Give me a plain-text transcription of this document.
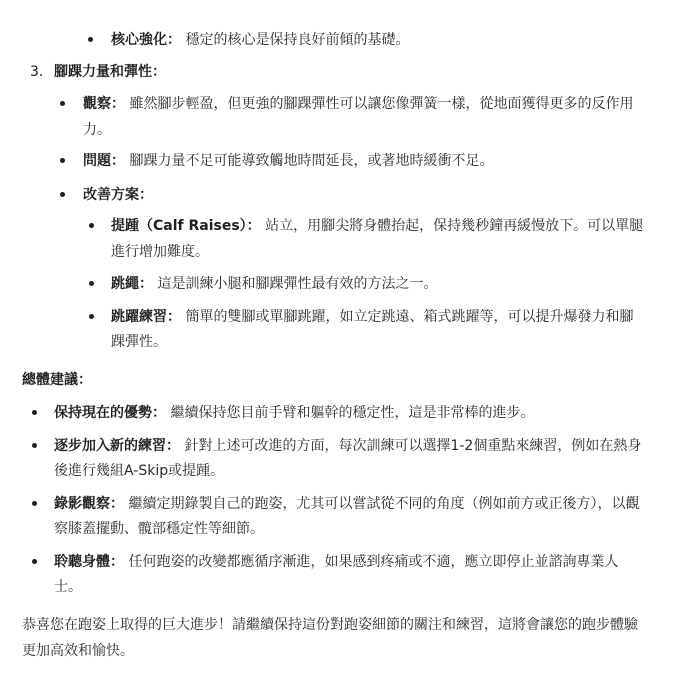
核心強化： 穩定的核心是保持良好前傾的基礎。
3. 腳踝力量和彈性：
觀察： 雖然腳步輕盈，但更強的腳踝彈性可以讓您像彈簧一樣，從地面獲得更多的反作用
力。
問題： 腳踝力量不足可能導致觸地時間延長，或著地時緩衝不足。
改善方案：
提踵（Calf Raises）： 站立，用腳尖將身體抬起，保持幾秒鐘再緩慢放下。可以單腿
進行增加難度。
跳繩： 這是訓練小腿和腳踝彈性最有效的方法之一。
跳躍練習： 簡單的雙腳或單腳跳躍，如立定跳遠、箱式跳躍等，可以提升爆發力和腳
踝彈性。
總體建議：
保持現在的優勢： 繼續保持您目前手臂和軀幹的穩定性，這是非常棒的進步。
逐步加入新的練習： 針對上述可改進的方面，每次訓練可以選擇1-2個重點來練習，例如在熱身
後進行幾組A-Skip或提踵。
錄影觀察： 繼續定期錄製自己的跑姿，尤其可以嘗試從不同的角度（例如前方或正後方），以觀
察膝蓋擺動、髖部穩定性等細節。
聆聽身體： 任何跑姿的改變都應循序漸進，如果感到疼痛或不適，應立即停止並諮詢專業人
士。
恭喜您在跑姿上取得的巨大進步！請繼續保持這份對跑姿細節的關注和練習，這將會讓您的跑步體驗
更加高效和愉快。
